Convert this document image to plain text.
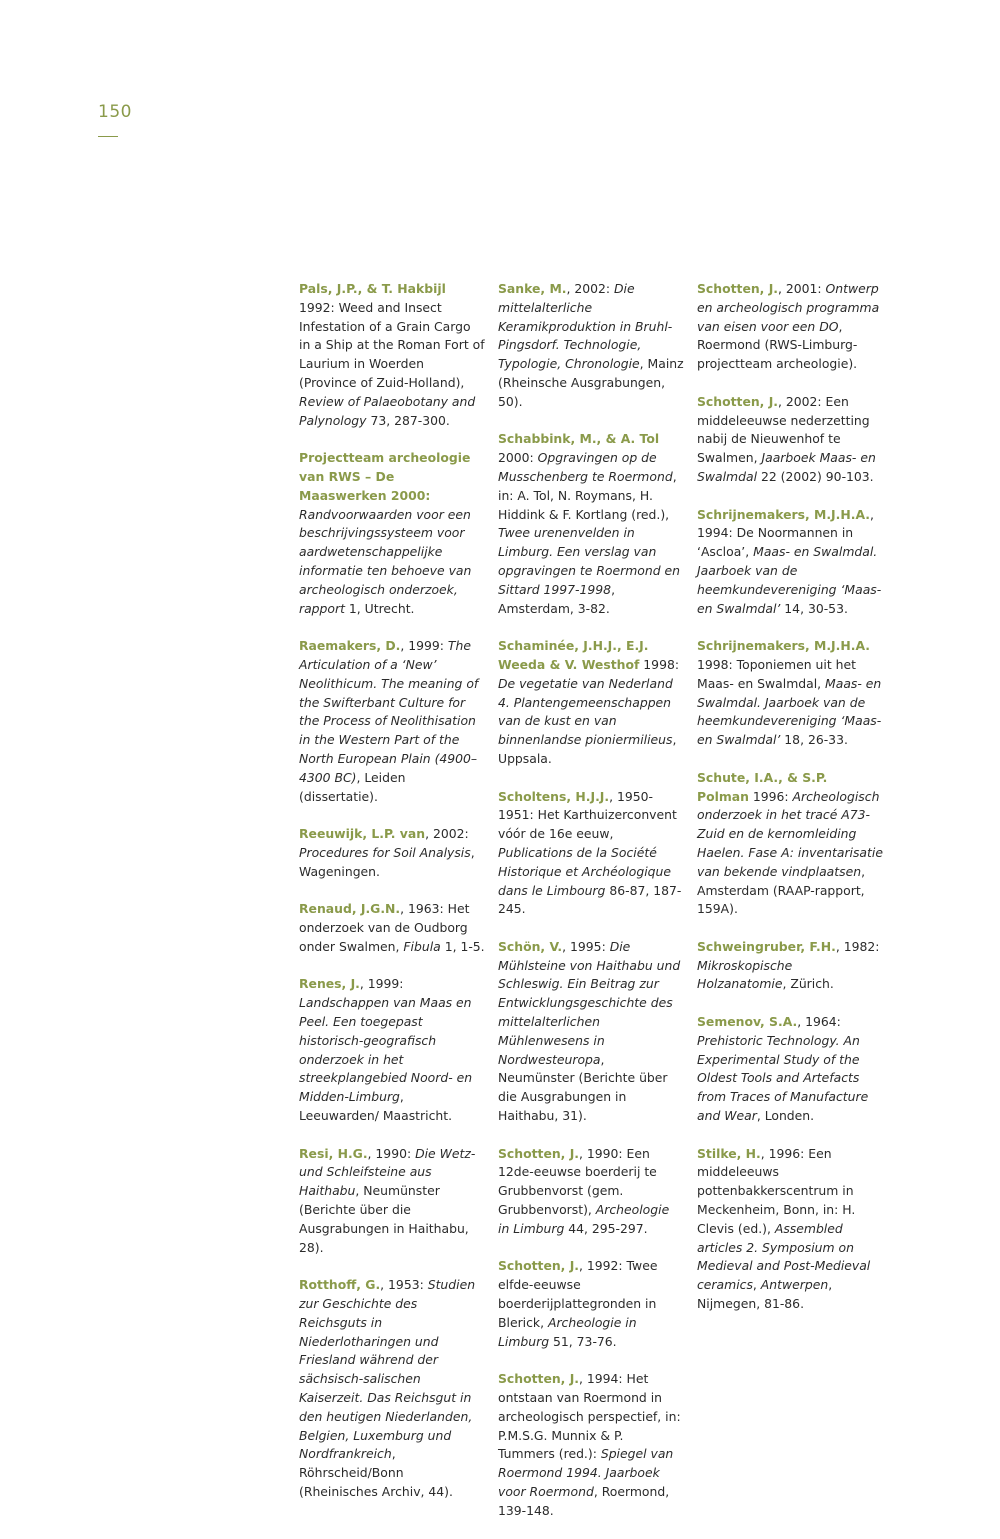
150

Pals, J.P., & T. Hakbijl 1992: Weed and Insect Infestation of a Grain Cargo in a Ship at the Roman Fort of Laurium in Woerden (Province of Zuid-Holland), Review of Palaeobotany and Palynology 73, 287-300.

Projectteam archeologie van RWS – De Maaswerken 2000: Randvoorwaarden voor een beschrijvingssysteem voor aardwetenschappelijke informatie ten behoeve van archeologisch onderzoek, rapport 1, Utrecht.

Raemakers, D., 1999: The Articulation of a ‘New’ Neolithicum. The meaning of the Swifterbant Culture for the Process of Neolithisation in the Western Part of the North European Plain (4900–4300 BC), Leiden (dissertatie).

Reeuwijk, L.P. van, 2002: Procedures for Soil Analysis, Wageningen.

Renaud, J.G.N., 1963: Het onderzoek van de Oudborg onder Swalmen, Fibula 1, 1-5.

Renes, J., 1999: Landschappen van Maas en Peel. Een toegepast historisch-geografisch onderzoek in het streekplangebied Noord- en Midden-Limburg, Leeuwarden/ Maastricht.

Resi, H.G., 1990: Die Wetz- und Schleifsteine aus Haithabu, Neumünster (Berichte über die Ausgrabungen in Haithabu, 28).

Rotthoff, G., 1953: Studien zur Geschichte des Reichsguts in Niederlotharingen und Friesland während der sächsisch-salischen Kaiserzeit. Das Reichsgut in den heutigen Niederlanden, Belgien, Luxemburg und Nordfrankreich, Röhrscheid/Bonn (Rheinisches Archiv, 44).

Sanke, M., 2002: Die mittelalterliche Keramikproduktion in Bruhl-Pingsdorf. Technologie, Typologie, Chronologie, Mainz (Rheinsche Ausgrabungen, 50).

Schabbink, M., & A. Tol 2000: Opgravingen op de Musschenberg te Roermond, in: A. Tol, N. Roymans, H. Hiddink & F. Kortlang (red.), Twee urenenvelden in Limburg. Een verslag van opgravingen te Roermond en Sittard 1997-1998, Amsterdam, 3-82.

Schaminée, J.H.J., E.J. Weeda & V. Westhof 1998: De vegetatie van Nederland 4. Plantengemeenschappen van de kust en van binnenlandse pioniermilieus, Uppsala.

Scholtens, H.J.J., 1950-1951: Het Karthuizerconvent vóór de 16e eeuw, Publications de la Société Historique et Archéologique dans le Limbourg 86-87, 187-245.

Schön, V., 1995: Die Mühlsteine von Haithabu und Schleswig. Ein Beitrag zur Entwicklungsgeschichte des mittelalterlichen Mühlenwesens in Nordwesteuropa, Neumünster (Berichte über die Ausgrabungen in Haithabu, 31).

Schotten, J., 1990: Een 12de-eeuwse boerderij te Grubbenvorst (gem. Grubbenvorst), Archeologie in Limburg 44, 295-297.

Schotten, J., 1992: Twee elfde-eeuwse boerderijplattegronden in Blerick, Archeologie in Limburg 51, 73-76.

Schotten, J., 1994: Het ontstaan van Roermond in archeologisch perspectief, in: P.M.S.G. Munnix & P. Tummers (red.): Spiegel van Roermond 1994. Jaarboek voor Roermond, Roermond, 139-148.

Schotten, J., 2001: Ontwerp en archeologisch programma van eisen voor een DO, Roermond (RWS-Limburg-projectteam archeologie).

Schotten, J., 2002: Een middeleeuwse nederzetting nabij de Nieuwenhof te Swalmen, Jaarboek Maas- en Swalmdal 22 (2002) 90-103.

Schrijnemakers, M.J.H.A., 1994: De Noormannen in ‘Ascloa’, Maas- en Swalmdal. Jaarboek van de heemkundevereniging ‘Maas- en Swalmdal’ 14, 30-53.

Schrijnemakers, M.J.H.A. 1998: Toponiemen uit het Maas- en Swalmdal, Maas- en Swalmdal. Jaarboek van de heemkundevereniging ‘Maas- en Swalmdal’ 18, 26-33.

Schute, I.A., & S.P. Polman 1996: Archeologisch onderzoek in het tracé A73-Zuid en de kernomleiding Haelen. Fase A: inventarisatie van bekende vindplaatsen, Amsterdam (RAAP-rapport, 159A).

Schweingruber, F.H., 1982: Mikroskopische Holzanatomie, Zürich.

Semenov, S.A., 1964: Prehistoric Technology. An Experimental Study of the Oldest Tools and Artefacts from Traces of Manufacture and Wear, Londen.

Stilke, H., 1996: Een middeleeuws pottenbakkerscentrum in Meckenheim, Bonn, in: H. Clevis (ed.), Assembled articles 2. Symposium on Medieval and Post-Medieval ceramics, Antwerpen, Nijmegen, 81-86.
